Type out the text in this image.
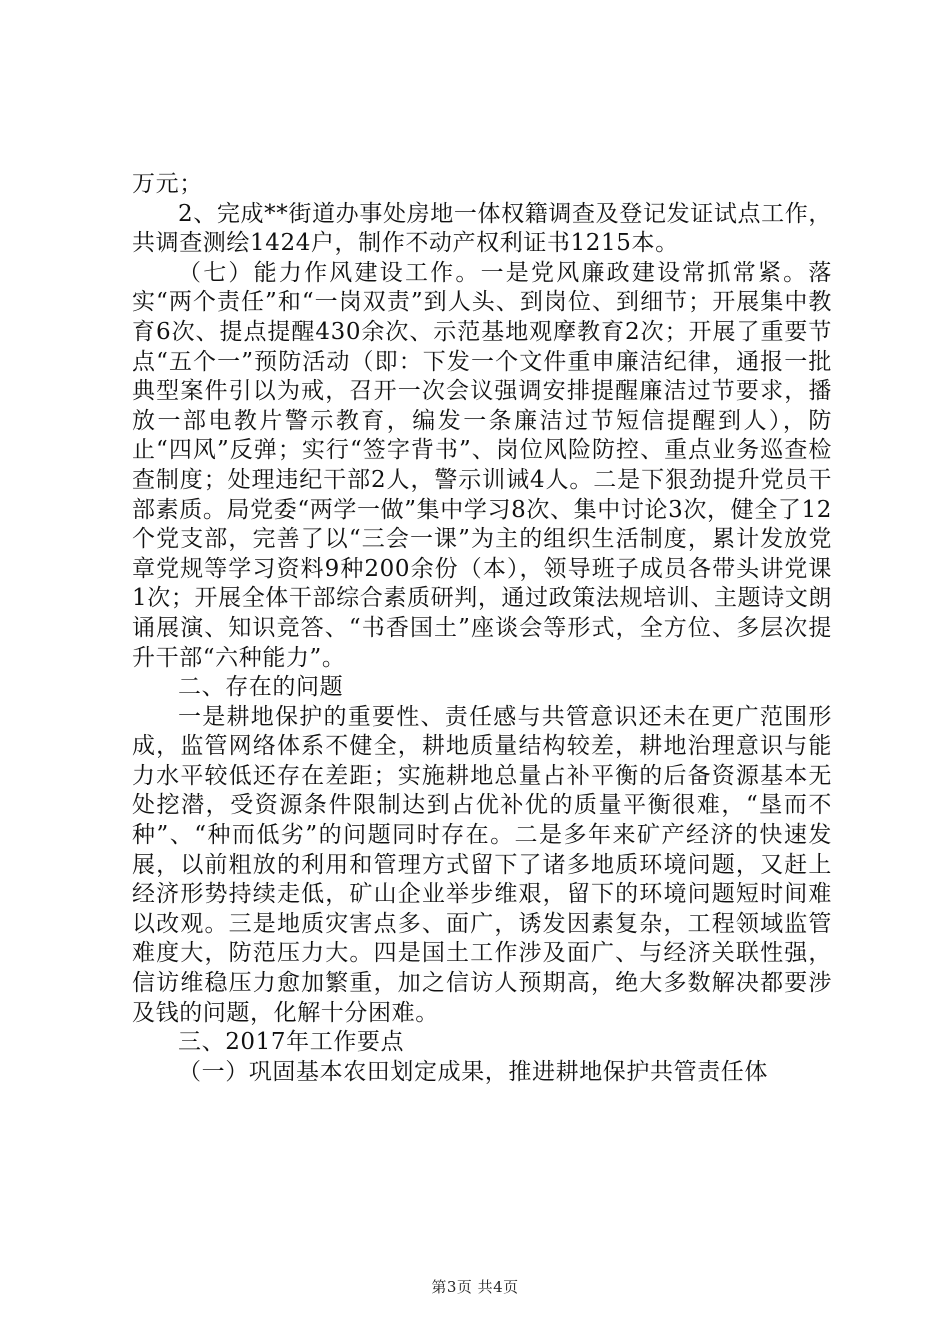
万元；

2、完成**街道办事处房地一体权籍调查及登记发证试点工作，共调查测绘1424户，制作不动产权利证书1215本。

（七）能力作风建设工作。一是党风廉政建设常抓常紧。落实“两个责任”和“一岗双责”到人头、到岗位、到细节；开展集中教育6次、提点提醒430余次、示范基地观摩教育2次；开展了重要节点“五个一”预防活动（即：下发一个文件重申廉洁纪律，通报一批典型案件引以为戒，召开一次会议强调安排提醒廉洁过节要求，播放一部电教片警示教育，编发一条廉洁过节短信提醒到人），防止“四风”反弹；实行“签字背书”、岗位风险防控、重点业务巡查检查制度；处理违纪干部2人，警示训诫4人。二是下狠劲提升党员干部素质。局党委“两学一做”集中学习8次、集中讨论3次，健全了12个党支部，完善了以“三会一课”为主的组织生活制度，累计发放党章党规等学习资料9种200余份（本），领导班子成员各带头讲党课1次；开展全体干部综合素质研判，通过政策法规培训、主题诗文朗诵展演、知识竞答、“书香国土”座谈会等形式，全方位、多层次提升干部“六种能力”。

二、存在的问题

一是耕地保护的重要性、责任感与共管意识还未在更广范围形成，监管网络体系不健全，耕地质量结构较差，耕地治理意识与能力水平较低还存在差距；实施耕地总量占补平衡的后备资源基本无处挖潜，受资源条件限制达到占优补优的质量平衡很难，“垦而不种”、“种而低劣”的问题同时存在。二是多年来矿产经济的快速发展，以前粗放的利用和管理方式留下了诸多地质环境问题，又赶上经济形势持续走低，矿山企业举步维艰，留下的环境问题短时间难以改观。三是地质灾害点多、面广，诱发因素复杂，工程领域监管难度大，防范压力大。四是国土工作涉及面广、与经济关联性强，信访维稳压力愈加繁重，加之信访人预期高，绝大多数解决都要涉及钱的问题，化解十分困难。

三、2017年工作要点

（一）巩固基本农田划定成果，推进耕地保护共管责任体

第3页 共4页
